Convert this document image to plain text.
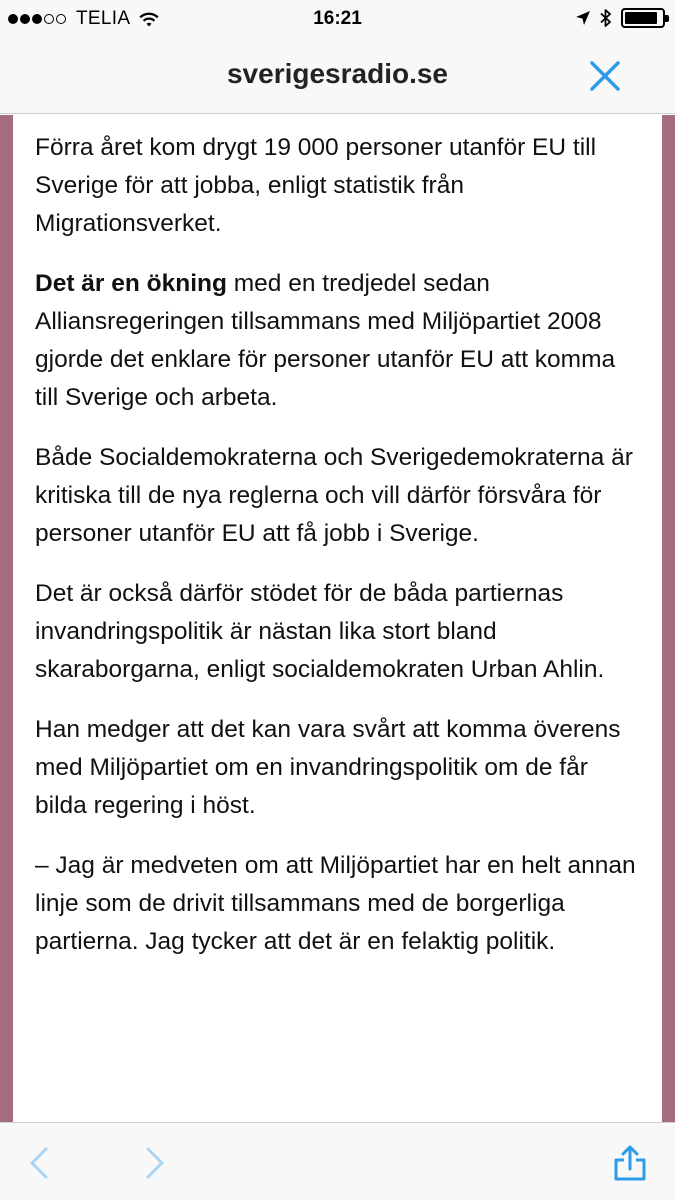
TELIA	16:21
sverigesradio.se

Förra året kom drygt 19 000 personer utanför EU till Sverige för att jobba, enligt statistik från Migrationsverket.

Det är en ökning med en tredjedel sedan Alliansregeringen tillsammans med Miljöpartiet 2008 gjorde det enklare för personer utanför EU att komma till Sverige och arbeta.

Både Socialdemokraterna och Sverigedemokraterna är kritiska till de nya reglerna och vill därför försvåra för personer utanför EU att få jobb i Sverige.

Det är också därför stödet för de båda partiernas invandringspolitik är nästan lika stort bland skaraborgarna, enligt socialdemokraten Urban Ahlin.

Han medger att det kan vara svårt att komma överens med Miljöpartiet om en invandringspolitik om de får bilda regering i höst.

– Jag är medveten om att Miljöpartiet har en helt annan linje som de drivit tillsammans med de borgerliga partierna. Jag tycker att det är en felaktig politik.
